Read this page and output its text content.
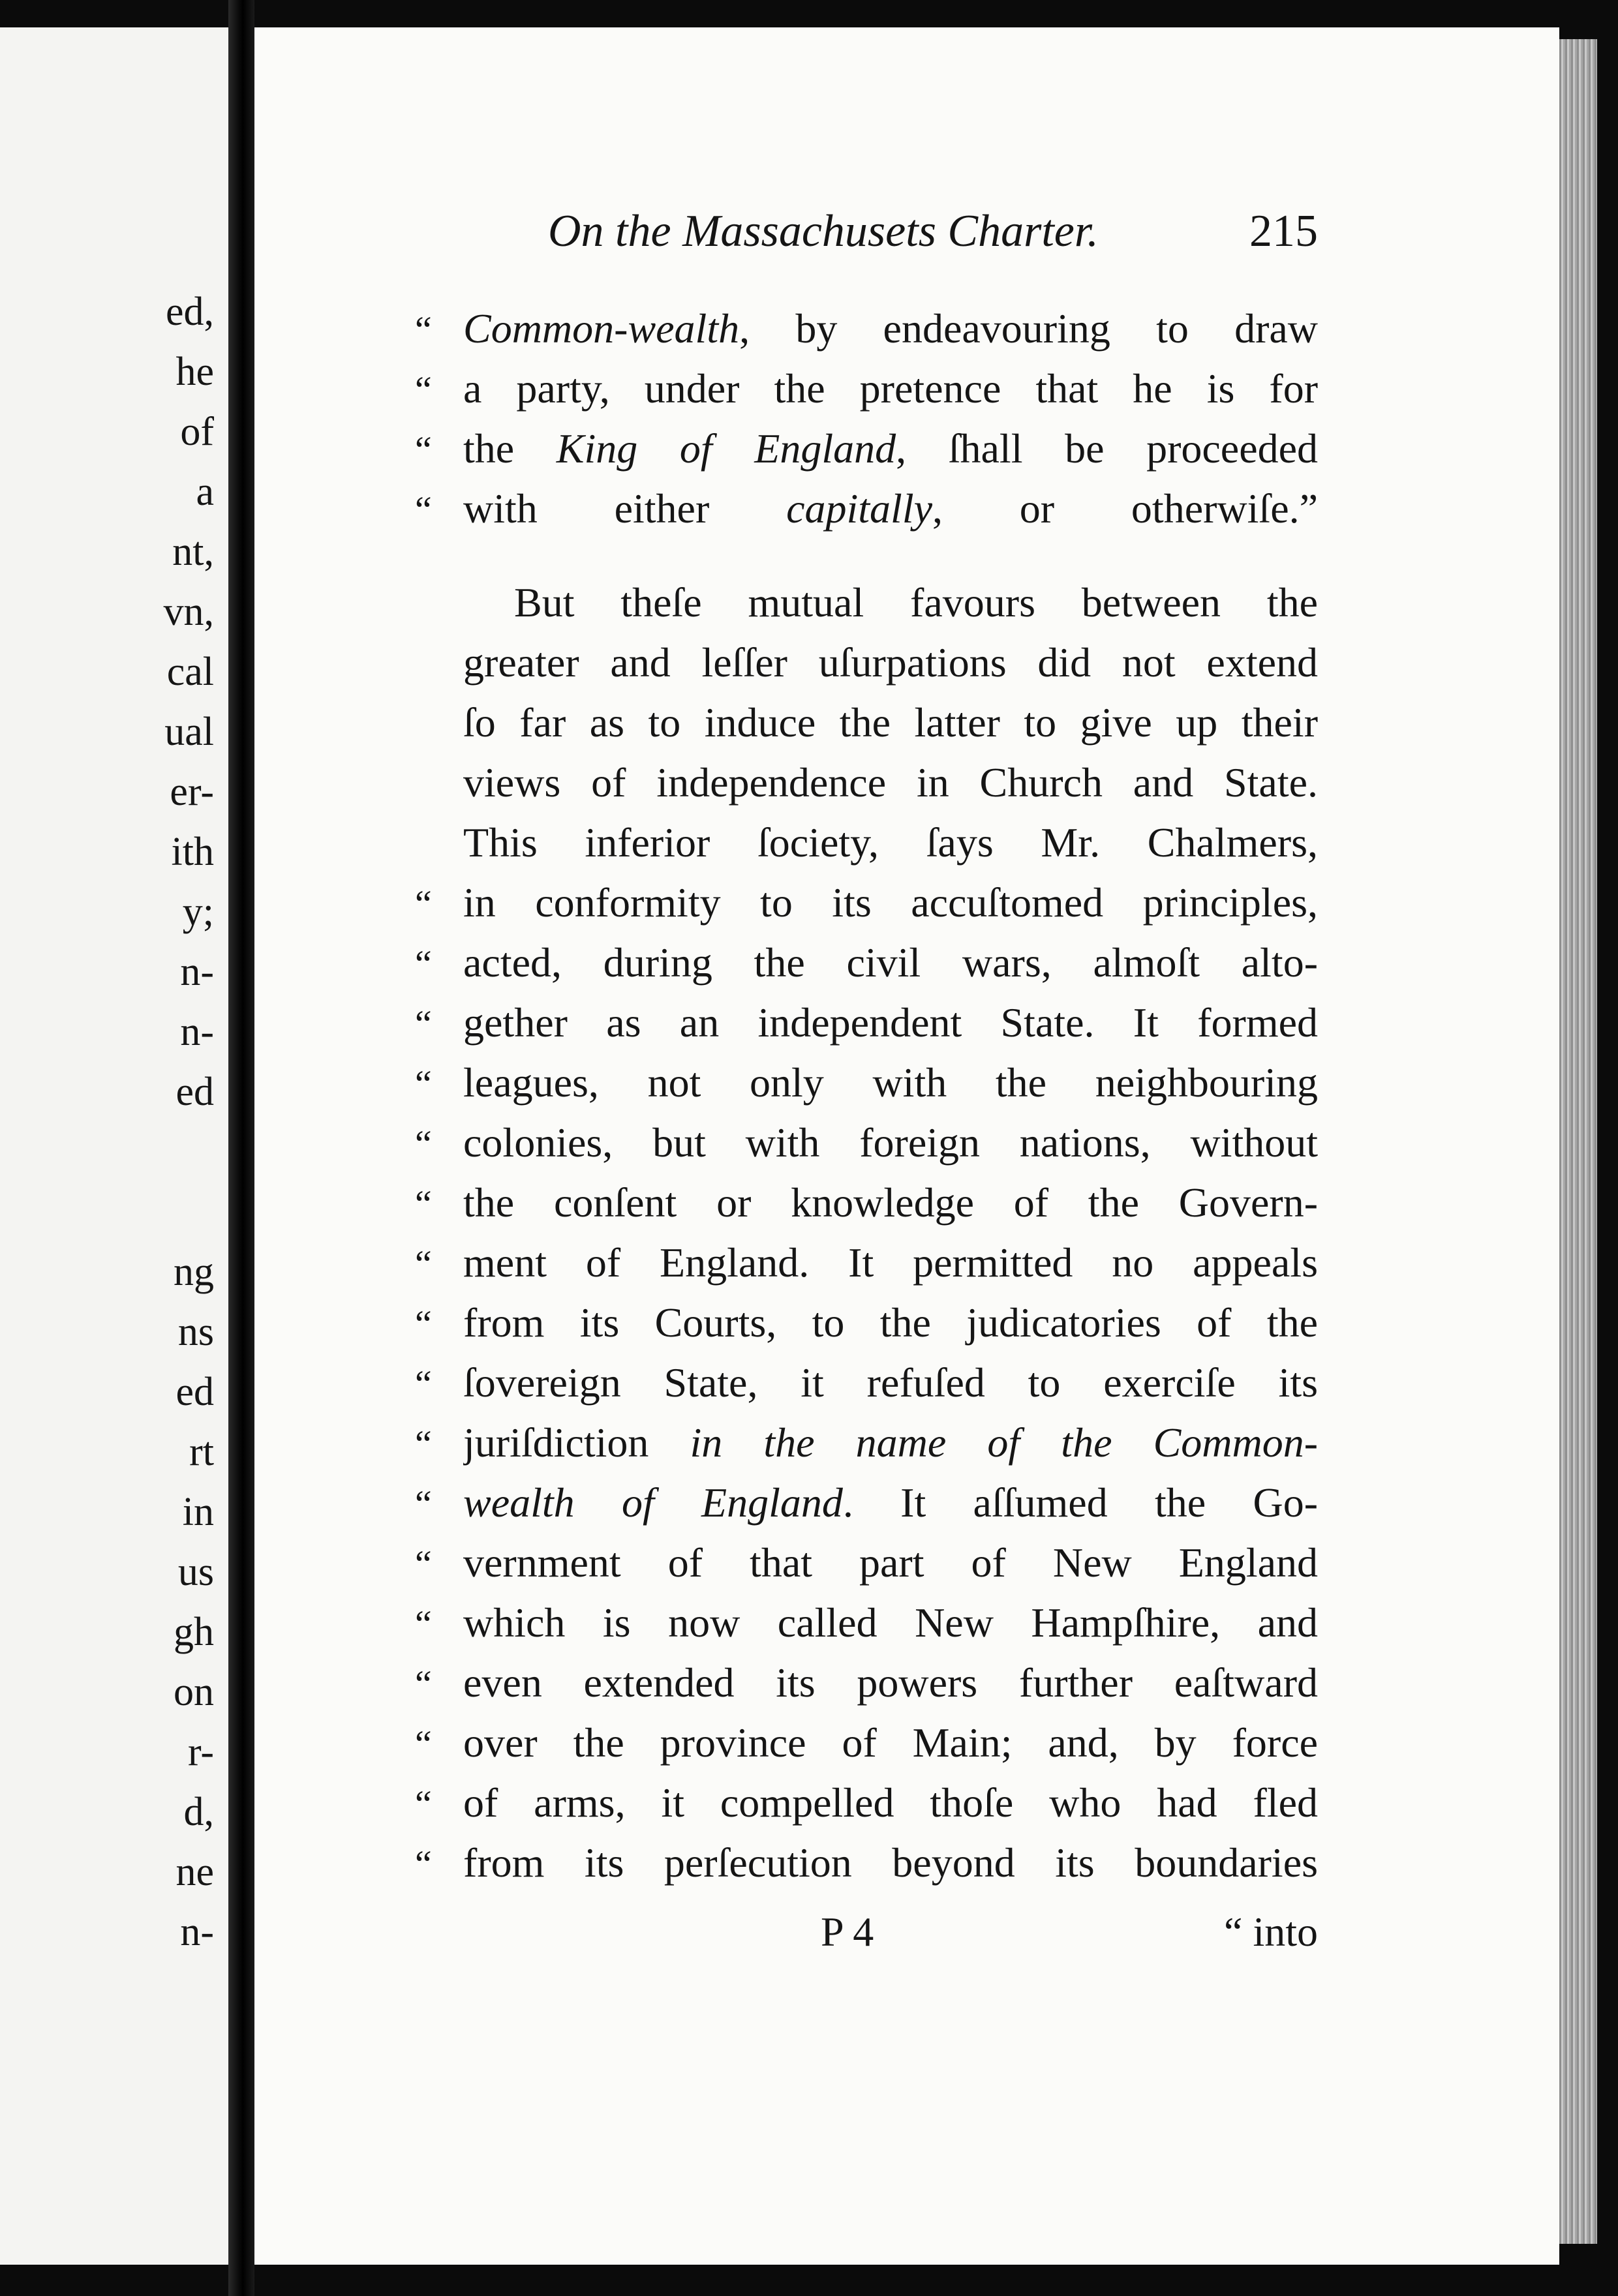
ed,
he
of
a
nt,
vn,
cal
ual
er-
ith
y;
n-
n-
ed
ng
ns
ed
rt
in
us
gh
on
r-
d,
ne
n-
On the Massachusets Charter.	215
“ Common-wealth, by endeavouring to draw
“ a party, under the pretence that he is for
“ the King of England, ſhall be proceeded
“ with either capitally, or otherwiſe.”
But theſe mutual favours between the
greater and leſſer uſurpations did not extend
ſo far as to induce the latter to give up their
views of independence in Church and State.
This inferior ſociety, ſays Mr. Chalmers,
“ in conformity to its accuſtomed principles,
“ acted, during the civil wars, almoſt alto-
“ gether as an independent State. It formed
“ leagues, not only with the neighbouring
“ colonies, but with foreign nations, without
“ the conſent or knowledge of the Govern-
“ ment of England. It permitted no appeals
“ from its Courts, to the judicatories of the
“ ſovereign State, it refuſed to exerciſe its
“ juriſdiction in the name of the Common-
“ wealth of England. It aſſumed the Go-
“ vernment of that part of New England
“ which is now called New Hampſhire, and
“ even extended its powers further eaſtward
“ over the province of Main; and, by force
“ of arms, it compelled thoſe who had fled
“ from its perſecution beyond its boundaries
P 4	“ into
